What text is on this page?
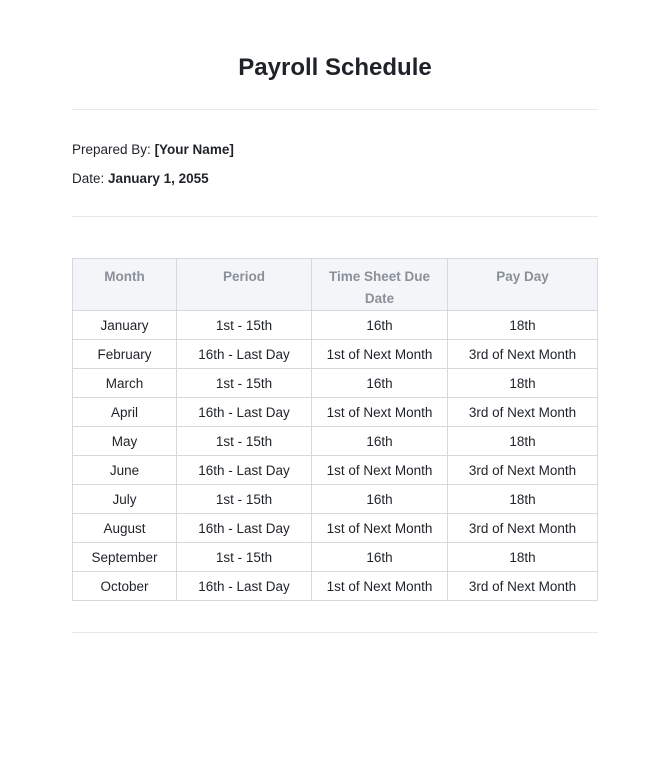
Payroll Schedule
Prepared By: [Your Name]
Date: January 1, 2055
Month	Period	Time Sheet Due Date	Pay Day
January	1st - 15th	16th	18th
February	16th - Last Day	1st of Next Month	3rd of Next Month
March	1st - 15th	16th	18th
April	16th - Last Day	1st of Next Month	3rd of Next Month
May	1st - 15th	16th	18th
June	16th - Last Day	1st of Next Month	3rd of Next Month
July	1st - 15th	16th	18th
August	16th - Last Day	1st of Next Month	3rd of Next Month
September	1st - 15th	16th	18th
October	16th - Last Day	1st of Next Month	3rd of Next Month
